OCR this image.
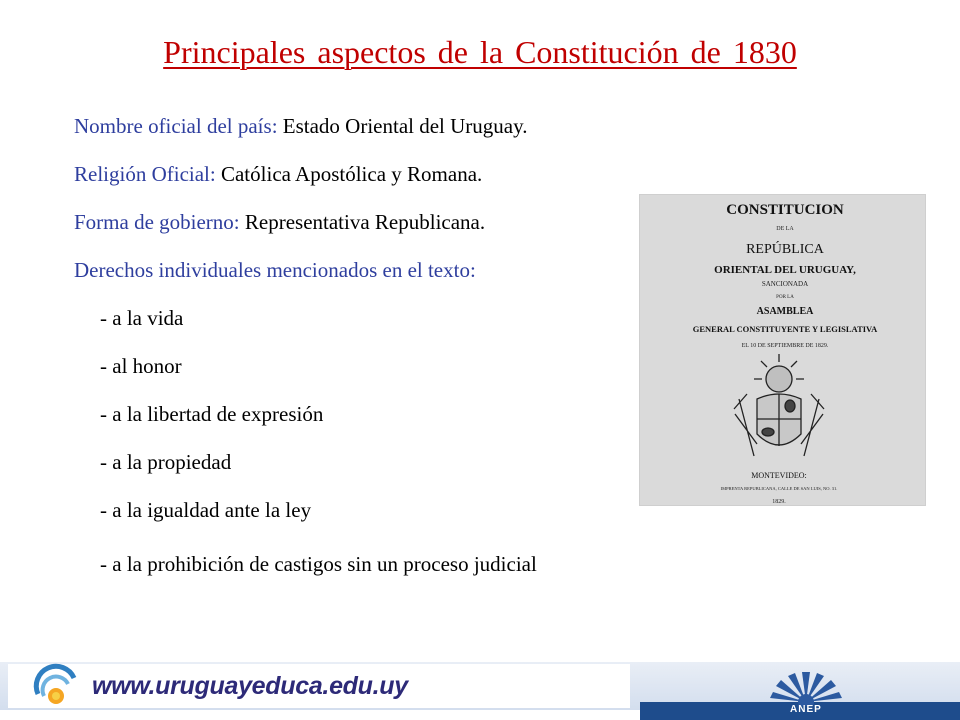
Principales aspectos de la Constitución de 1830
Nombre oficial del país: Estado Oriental del Uruguay.
Religión Oficial: Católica Apostólica y Romana.
Forma de gobierno: Representativa Republicana.
Derechos individuales mencionados en el texto:
- a la vida
- al honor
- a la libertad de expresión
- a la propiedad
- a la igualdad ante la ley
- a la prohibición de castigos sin un proceso judicial
CONSTITUCION
DE LA
REPÚBLICA
ORIENTAL DEL URUGUAY,
SANCIONADA
POR LA
ASAMBLEA
GENERAL CONSTITUYENTE Y LEGISLATIVA
EL 10 DE SEPTIEMBRE DE 1829.
MONTEVIDEO:
IMPRENTA REPUBLICANA, CALLE DE SAN LUIS, NO. 31.
1829.
www.uruguayeduca.edu.uy
ANEP
